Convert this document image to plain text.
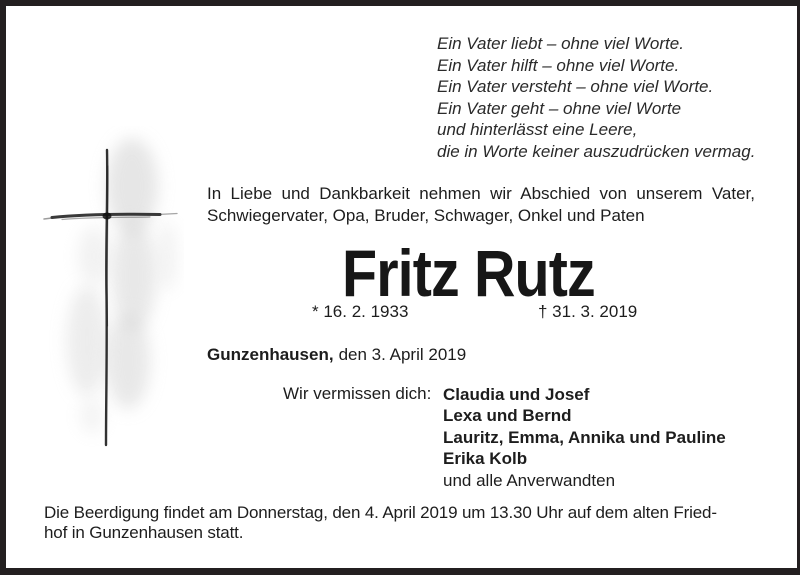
Ein Vater liebt – ohne viel Worte.
Ein Vater hilft – ohne viel Worte.
Ein Vater versteht – ohne viel Worte.
Ein Vater geht – ohne viel Worte
und hinterlässt eine Leere,
die in Worte keiner auszudrücken vermag.
In Liebe und Dankbarkeit nehmen wir Abschied von unserem Vater,
Schwiegervater, Opa, Bruder, Schwager, Onkel und Paten
Fritz Rutz
* 16. 2. 1933	† 31. 3. 2019
Gunzenhausen, den 3. April 2019
Wir vermissen dich: Claudia und Josef
Lexa und Bernd
Lauritz, Emma, Annika und Pauline
Erika Kolb
und alle Anverwandten
Die Beerdigung findet am Donnerstag, den 4. April 2019 um 13.30 Uhr auf dem alten Fried-
hof in Gunzenhausen statt.
